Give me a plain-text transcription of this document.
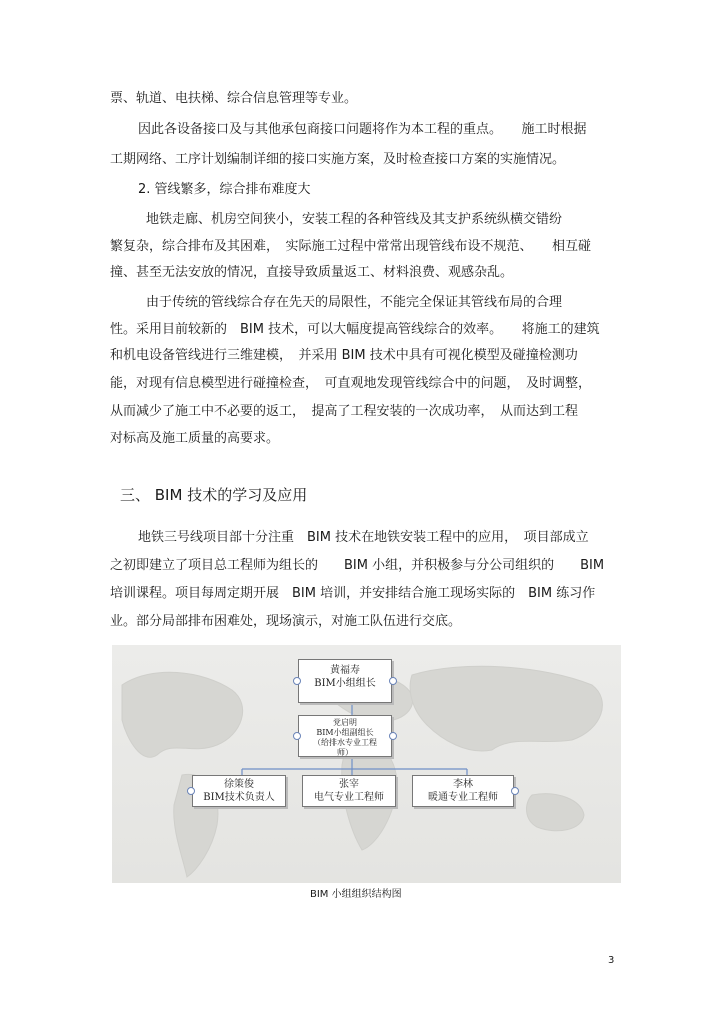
票、轨道、电扶梯、综合信息管理等专业。
因此各设备接口及与其他承包商接口问题将作为本工程的重点。　　施工时根据
工期网络、工序计划编制详细的接口实施方案，及时检查接口方案的实施情况。
2. 管线繁多，综合排布难度大
地铁走廊、机房空间狭小，安装工程的各种管线及其支护系统纵横交错纷
繁复杂，综合排布及其困难，　实际施工过程中常常出现管线布设不规范、　　相互碰
撞、甚至无法安放的情况，直接导致质量返工、材料浪费、观感杂乱。
由于传统的管线综合存在先天的局限性，不能完全保证其管线布局的合理
性。采用目前较新的　BIM 技术，可以大幅度提高管线综合的效率。　　将施工的建筑
和机电设备管线进行三维建模，　并采用 BIM 技术中具有可视化模型及碰撞检测功
能，对现有信息模型进行碰撞检查，　可直观地发现管线综合中的问题，　及时调整，
从而减少了施工中不必要的返工，　提高了工程安装的一次成功率，　从而达到工程
对标高及施工质量的高要求。
三、 BIM 技术的学习及应用
地铁三号线项目部十分注重　BIM 技术在地铁安装工程中的应用，　项目部成立
之初即建立了项目总工程师为组长的　　BIM 小组，并积极参与分公司组织的　　BIM
培训课程。项目每周定期开展　BIM 培训，并安排结合施工现场实际的　BIM 练习作
业。部分局部排布困难处，现场演示，对施工队伍进行交底。
黄福寿
BIM小组组长
党启明
BIM小组副组长
（给排水专业工程
师）
徐策俊
BIM技术负责人
张宰
电气专业工程师
李林
暖通专业工程师
BIM 小组组织结构图
3
